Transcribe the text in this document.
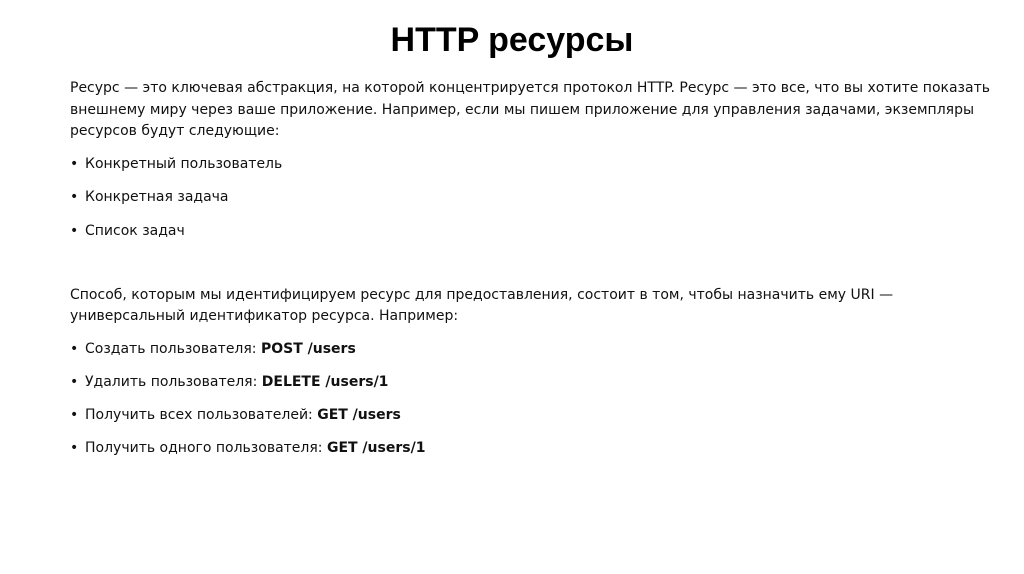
HTTP ресурсы

Ресурс — это ключевая абстракция, на которой концентрируется протокол HTTP. Ресурс — это все, что вы хотите показать внешнему миру через ваше приложение. Например, если мы пишем приложение для управления задачами, экземпляры ресурсов будут следующие:

• Конкретный пользователь
• Конкретная задача
• Список задач

Способ, которым мы идентифицируем ресурс для предоставления, состоит в том, чтобы назначить ему URI — универсальный идентификатор ресурса. Например:

• Создать пользователя: POST /users
• Удалить пользователя: DELETE /users/1
• Получить всех пользователей: GET /users
• Получить одного пользователя: GET /users/1
